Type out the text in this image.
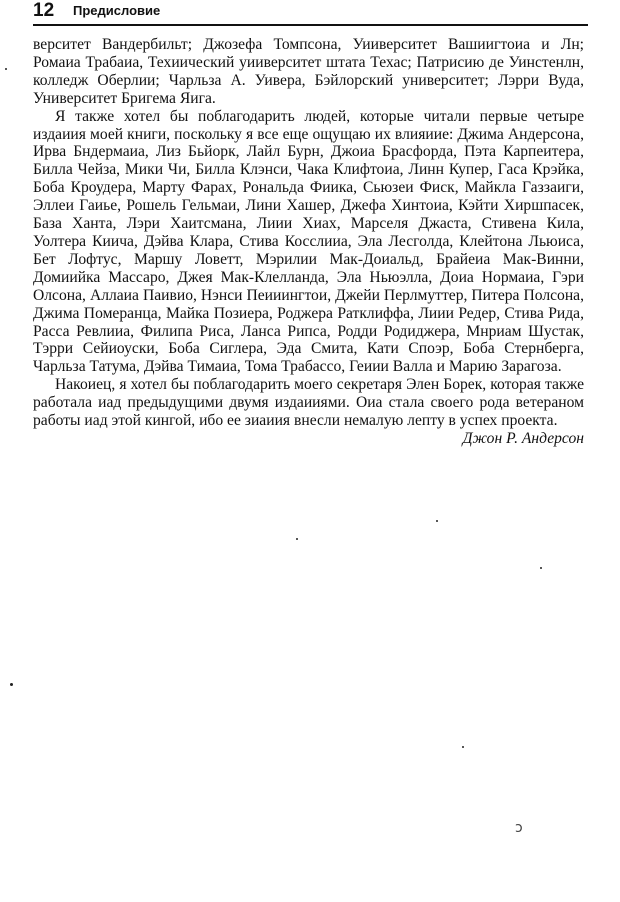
12 Предисловие

верситет Вандербильт; Джозефа Томпсона, Уииверситет Вашиигтоиа и Лн; Ромаиа Трабаиа, Техиический уииверситет штата Техас; Патрисию де Уинстенлн, колледж Оберлии; Чарльза А. Уивера, Бэйлорский университет; Лэрри Вуда, Университет Бригема Яига.

Я также хотел бы поблагодарить людей, которые читали первые четыре издаиия моей книги, поскольку я все еще ощущаю их влияиие: Джима Андерсона, Ирва Бндермаиа, Лиз Бьйорк, Лайл Бурн, Джоиа Брасфорда, Пэта Карпеитера, Билла Чейза, Мики Чи, Билла Клэнси, Чака Клифтоиа, Линн Купер, Гаса Крэйка, Боба Кроудера, Марту Фарах, Рональда Фиика, Сьюзеи Фиск, Майкла Газзаиги, Эллеи Гаиье, Рошель Гельмаи, Лини Хашер, Джефа Хинтоиа, Кэйти Хиршпасек, База Ханта, Лэри Хаитсмана, Лиии Хиах, Марселя Джаста, Стивена Кила, Уолтера Киича, Дэйва Клара, Стива Косслииа, Эла Лесголда, Клейтона Льюиса, Бет Лофтус, Маршу Ловетт, Мэрилии Мак-Доиальд, Брайеиа Мак-Винни, Домиийка Массаро, Джея Мак-Клелланда, Эла Ньюэлла, Доиа Нормаиа, Гэри Олсона, Аллаиа Паивио, Нэнси Пеииингтои, Джейи Перлмуттер, Питера Полсона, Джима Померанца, Майка Позиера, Роджера Ратклиффа, Лиии Редер, Стива Рида, Расса Ревлииа, Филипа Риса, Ланса Рипса, Родди Родиджера, Мнриам Шустак, Тэрри Сейиоуски, Боба Сиглера, Эда Смита, Кати Споэр, Боба Стернберга, Чарльза Татума, Дэйва Тимаиа, Тома Трабассо, Геиии Валла и Марию Зарагоза.

Накоиец, я хотел бы поблагодарить моего секретаря Элен Борек, которая также работала иад предыдущими двумя издаииями. Оиа стала своего рода ветераном работы иад этой кингой, ибо ее зиаиия внесли немалую лепту в успех проекта.

Джон Р. Андерсон

ↄ
